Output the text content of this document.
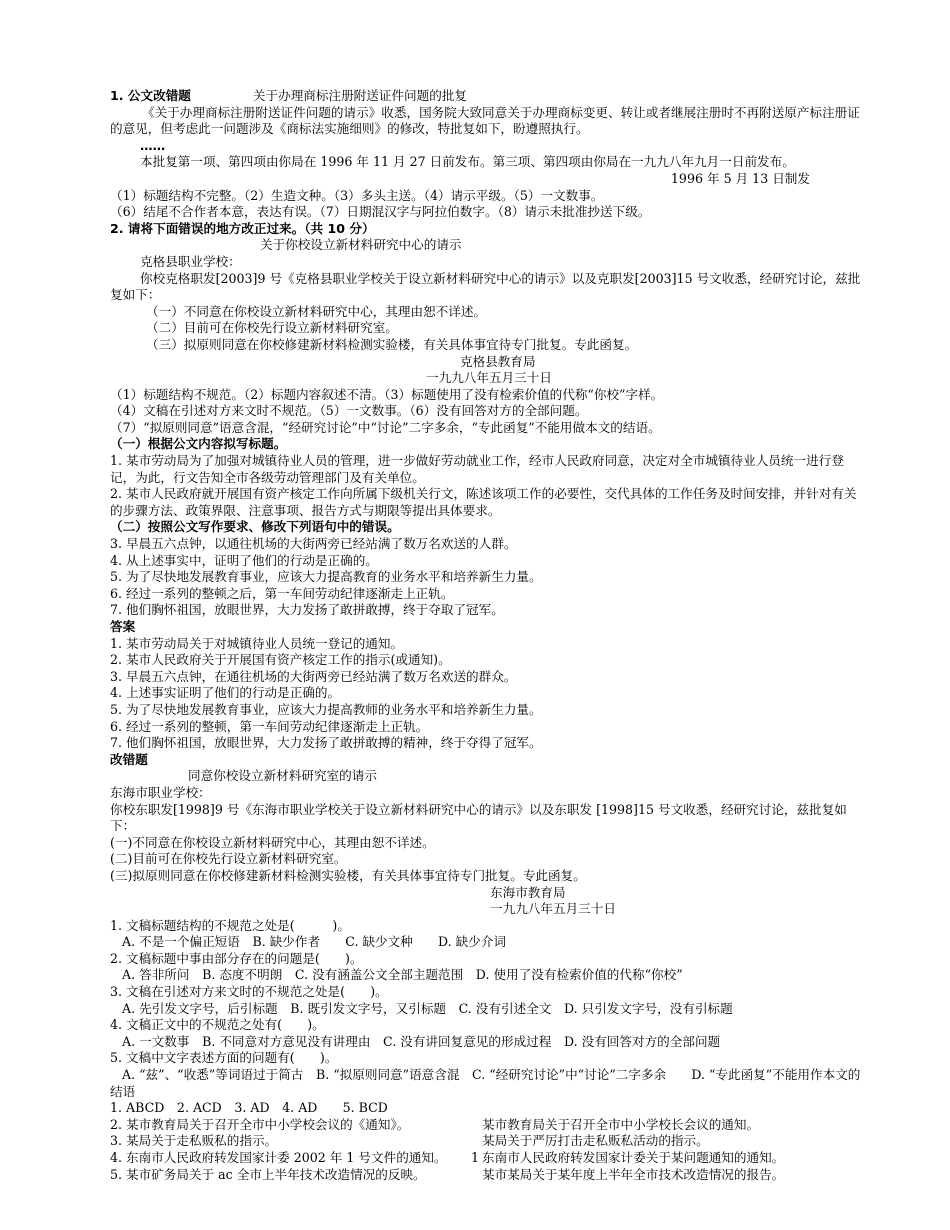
1. 公文改错题	关于办理商标注册附送证件问题的批复
《关于办理商标注册附送证件问题的请示》收悉，国务院大致同意关于办理商标变更、转让或者继展注册时不再附送原产标注册证的意见，但考虑此一问题涉及《商标法实施细则》的修改，特批复如下，盼遵照执行。
……
本批复第一项、第四项由你局在 1996 年 11 月 27 日前发布。第三项、第四项由你局在一九九八年九月一日前发布。
1996 年 5 月 13 日制发
（1）标题结构不完整。（2）生造文种。（3）多头主送。（4）请示平级。（5）一文数事。
（6）结尾不合作者本意，表达有误。（7）日期混汉字与阿拉伯数字。（8）请示未批准抄送下级。
2. 请将下面错误的地方改正过来。（共 10 分）
关于你校设立新材料研究中心的请示
克格县职业学校：
你校克格职发[2003]9 号《克格县职业学校关于设立新材料研究中心的请示》以及克职发[2003]15 号文收悉，经研究讨论，兹批复如下：
（一）不同意在你校设立新材料研究中心，其理由恕不详述。
（二）目前可在你校先行设立新材料研究室。
（三）拟原则同意在你校修建新材料检测实验楼，有关具体事宜待专门批复。专此函复。
克格县教育局
一九九八年五月三十日
（1）标题结构不规范。（2）标题内容叙述不清。（3）标题使用了没有检索价值的代称“你校”字样。
（4）文稿在引述对方来文时不规范。（5）一文数事。（6）没有回答对方的全部问题。
（7）“拟原则同意”语意含混，“经研究讨论”中“讨论”二字多余，“专此函复”不能用做本文的结语。
（一）根据公文内容拟写标题。
1. 某市劳动局为了加强对城镇待业人员的管理，进一步做好劳动就业工作，经市人民政府同意，决定对全市城镇待业人员统一进行登记，为此，行文告知全市各级劳动管理部门及有关单位。
2. 某市人民政府就开展国有资产核定工作向所属下级机关行文，陈述该项工作的必要性，交代具体的工作任务及时间安排，并针对有关的步骤方法、政策界限、注意事项、报告方式与期限等提出具体要求。
（二）按照公文写作要求、修改下列语句中的错误。
3. 早晨五六点钟，以通往机场的大街两旁已经站满了数万名欢送的人群。
4. 从上述事实中，证明了他们的行动是正确的。
5. 为了尽快地发展教育事业，应该大力提高教育的业务水平和培养新生力量。
6. 经过一系列的整顿之后，第一车间劳动纪律逐渐走上正轨。
7. 他们胸怀祖国，放眼世界，大力发扬了敢拼敢搏，终于夺取了冠军。
答案
1. 某市劳动局关于对城镇待业人员统一登记的通知。
2. 某市人民政府关于开展国有资产核定工作的指示(或通知)。
3. 早晨五六点钟，在通往机场的大街两旁已经站满了数万名欢送的群众。
4. 上述事实证明了他们的行动是正确的。
5. 为了尽快地发展教育事业，应该大力提高教师的业务水平和培养新生力量。
6. 经过一系列的整顿，第一车间劳动纪律逐渐走上正轨。
7. 他们胸怀祖国，放眼世界，大力发扬了敢拼敢搏的精神，终于夺得了冠军。
改错题
同意你校设立新材料研究室的请示
东海市职业学校：
你校东职发[1998]9 号《东海市职业学校关于设立新材料研究中心的请示》以及东职发 [1998]15 号文收悉，经研究讨论，兹批复如下：
(一)不同意在你校设立新材料研究中心，其理由恕不详述。
(二)目前可在你校先行设立新材料研究室。
(三)拟原则同意在你校修建新材料检测实验楼，有关具体事宜待专门批复。专此函复。
东海市教育局
一九九八年五月三十日
1. 文稿标题结构的不规范之处是(　　　)。
A. 不是一个偏正短语　B. 缺少作者　　C. 缺少文种　　D. 缺少介词
2. 文稿标题中事由部分存在的问题是(　　)。
A. 答非所问　B. 态度不明朗　C. 没有涵盖公文全部主题范围　D. 使用了没有检索价值的代称“你校”
3. 文稿在引述对方来文时的不规范之处是(　　)。
A. 先引发文字号，后引标题　B. 既引发文字号，又引标题　C. 没有引述全文　D. 只引发文字号，没有引标题
4. 文稿正文中的不规范之处有(　　)。
A. 一文数事　B. 不同意对方意见没有讲理由　C. 没有讲回复意见的形成过程　D. 没有回答对方的全部问题
5. 文稿中文字表述方面的问题有(　　)。
A. “兹”、“收悉”等词语过于简古　B. “拟原则同意”语意含混　C. “经研究讨论”中“讨论”二字多余　　D. “专此函复”不能用作本文的结语
1. ABCD　2. ACD　3. AD　4. AD　　5. BCD
2. 某市教育局关于召开全市中小学校会议的《通知》。	某市教育局关于召开全市中小学校长会议的通知。
3. 某局关于走私贩私的指示。	某局关于严厉打击走私贩私活动的指示。
4. 东南市人民政府转发国家计委 2002 年 1 号文件的通知。	东南市人民政府转发国家计委关于某问题通知的通知。
5. 某市矿务局关于 ac 全市上半年技术改造情况的反映。	某市某局关于某年度上半年全市技术改造情况的报告。
1
